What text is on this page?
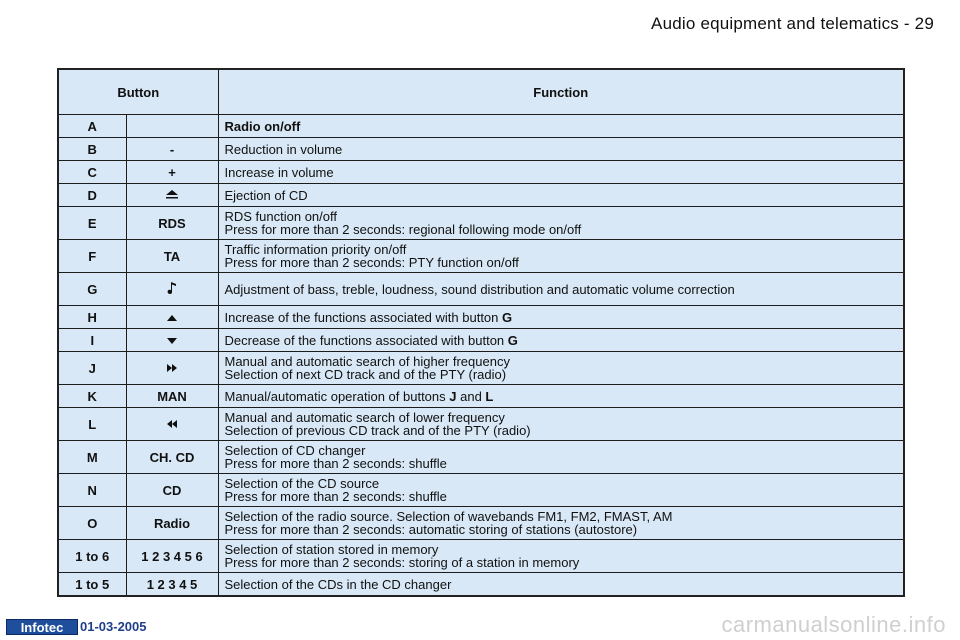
Audio equipment and telematics - 29
Button		Function
A		Radio on/off

B	-	Reduction in volume

C	+	Increase in volume

D		Ejection of CD

E	RDS	RDS function on/off
Press for more than 2 seconds: regional following mode on/off

F	TA	Traffic information priority on/off
Press for more than 2 seconds: PTY function on/off

G		Adjustment of bass, treble, loudness, sound distribution and automatic volume correction

H		Increase of the functions associated with button G

I		Decrease of the functions associated with button G

J		Manual and automatic search of higher frequency
Selection of next CD track and of the PTY (radio)

K	MAN	Manual/automatic operation of buttons J and L

L		Manual and automatic search of lower frequency
Selection of previous CD track and of the PTY (radio)

M	CH. CD	Selection of CD changer
Press for more than 2 seconds: shuffle

N	CD	Selection of the CD source
Press for more than 2 seconds: shuffle

O	Radio	Selection of the radio source. Selection of wavebands FM1, FM2, FMAST, AM
Press for more than 2 seconds: automatic storing of stations (autostore)

1 to 6	1 2 3 4 5 6	Selection of station stored in memory
Press for more than 2 seconds: storing of a station in memory

1 to 5	1 2 3 4 5	Selection of the CDs in the CD changer
Infotec	01-03-2005	carmanualsonline.info
